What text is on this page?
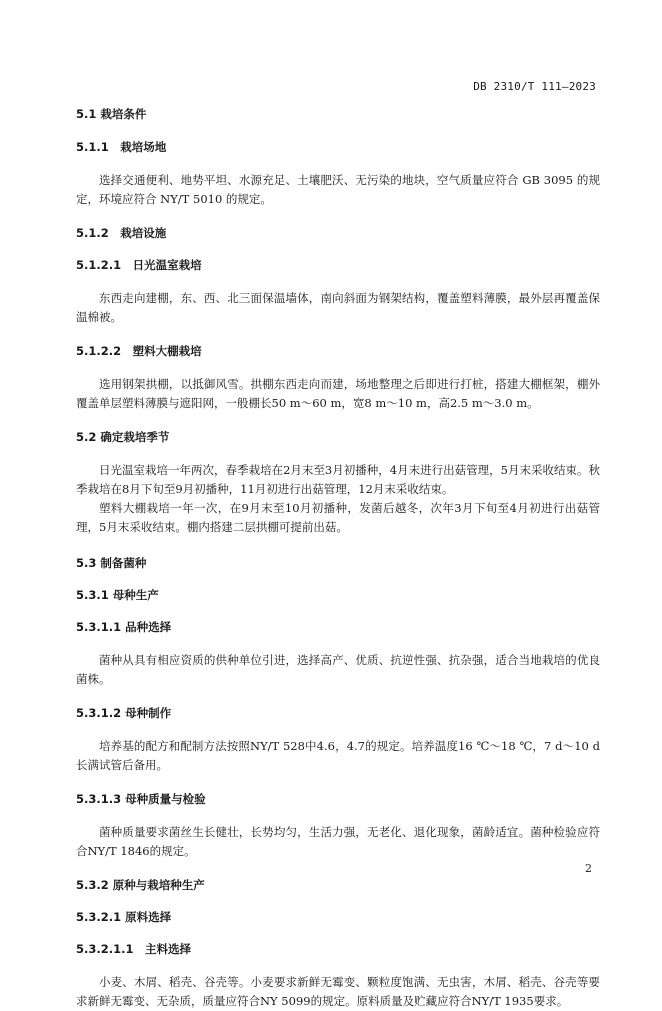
DB 2310/T 111—2023
5.1 栽培条件
5.1.1　栽培场地
选择交通便利、地势平坦、水源充足、土壤肥沃、无污染的地块，空气质量应符合 GB 3095 的规定，环境应符合 NY/T 5010 的规定。
5.1.2　栽培设施
5.1.2.1　日光温室栽培
东西走向建棚，东、西、北三面保温墙体，南向斜面为钢架结构，覆盖塑料薄膜，最外层再覆盖保温棉被。
5.1.2.2　塑料大棚栽培
选用钢架拱棚，以抵御风雪。拱棚东西走向而建，场地整理之后即进行打桩，搭建大棚框架，棚外覆盖单层塑料薄膜与遮阳网，一般棚长50 m～60 m，宽8 m～10 m，高2.5 m～3.0 m。
5.2 确定栽培季节
日光温室栽培一年两次，春季栽培在2月末至3月初播种，4月末进行出菇管理，5月末采收结束。秋季栽培在8月下旬至9月初播种，11月初进行出菇管理，12月末采收结束。
塑料大棚栽培一年一次，在9月末至10月初播种，发菌后越冬，次年3月下旬至4月初进行出菇管理，5月末采收结束。棚内搭建二层拱棚可提前出菇。
5.3 制备菌种
5.3.1 母种生产
5.3.1.1 品种选择
菌种从具有相应资质的供种单位引进，选择高产、优质、抗逆性强、抗杂强，适合当地栽培的优良菌株。
5.3.1.2 母种制作
培养基的配方和配制方法按照NY/T 528中4.6，4.7的规定。培养温度16 ℃～18 ℃，7 d～10 d长满试管后备用。
5.3.1.3 母种质量与检验
菌种质量要求菌丝生长健壮，长势均匀，生活力强，无老化、退化现象，菌龄适宜。菌种检验应符合NY/T 1846的规定。
5.3.2 原种与栽培种生产
5.3.2.1 原料选择
5.3.2.1.1　主料选择
小麦、木屑、稻壳、谷壳等。小麦要求新鲜无霉变、颗粒度饱满、无虫害，木屑、稻壳、谷壳等要求新鲜无霉变、无杂质，质量应符合NY 5099的规定。原料质量及贮藏应符合NY/T 1935要求。
2
